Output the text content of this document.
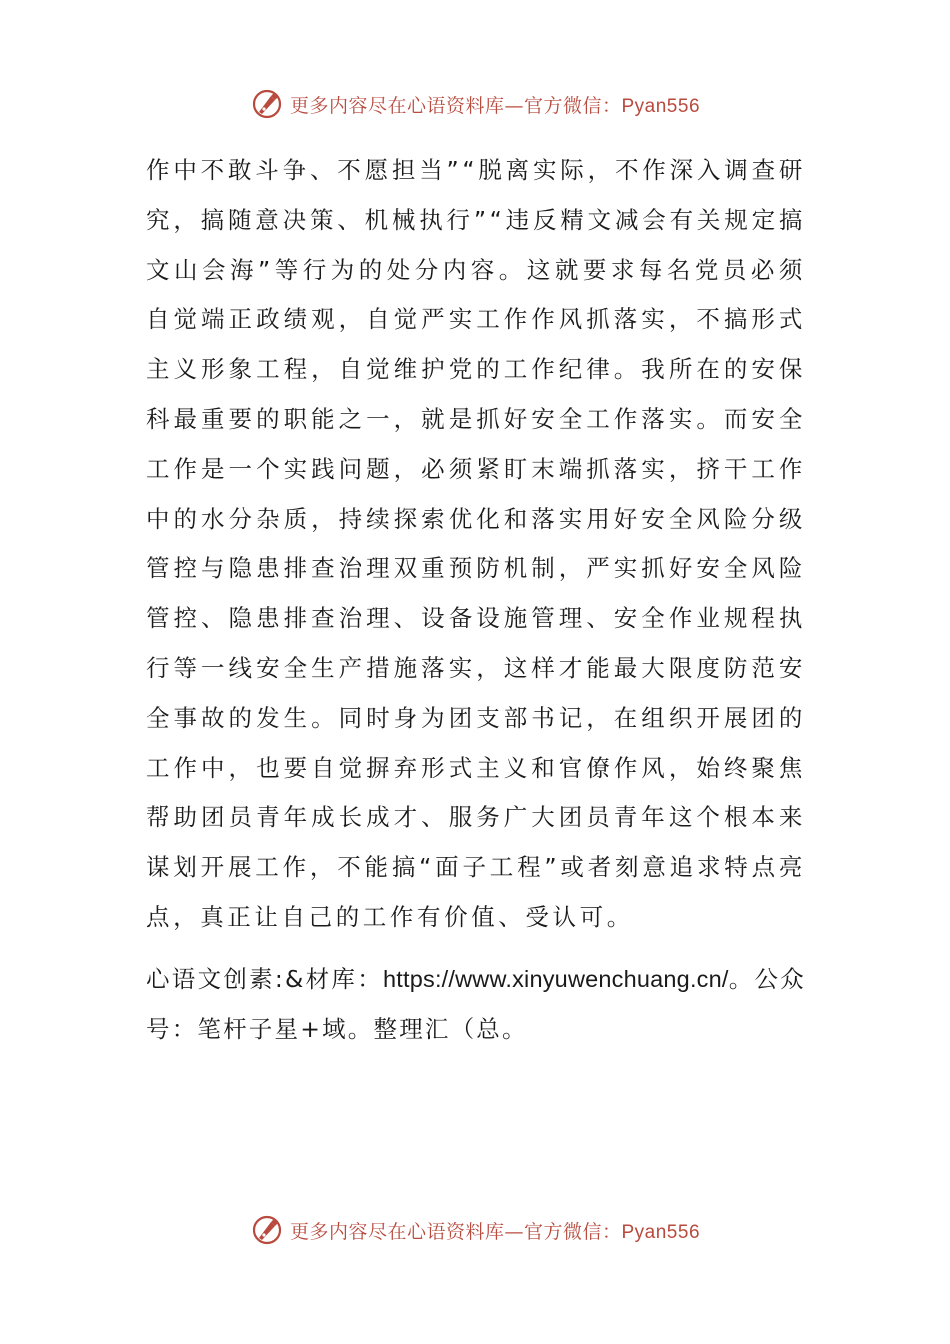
更多内容尽在心语资料库—官方微信：Pyan556

作中不敢斗争、不愿担当”“脱离实际，不作深入调查研究，搞随意决策、机械执行”“违反精文减会有关规定搞文山会海”等行为的处分内容。这就要求每名党员必须自觉端正政绩观，自觉严实工作作风抓落实，不搞形式主义形象工程，自觉维护党的工作纪律。我所在的安保科最重要的职能之一，就是抓好安全工作落实。而安全工作是一个实践问题，必须紧盯末端抓落实，挤干工作中的水分杂质，持续探索优化和落实用好安全风险分级管控与隐患排查治理双重预防机制，严实抓好安全风险管控、隐患排查治理、设备设施管理、安全作业规程执行等一线安全生产措施落实，这样才能最大限度防范安全事故的发生。同时身为团支部书记，在组织开展团的工作中，也要自觉摒弃形式主义和官僚作风，始终聚焦帮助团员青年成长成才、服务广大团员青年这个根本来谋划开展工作，不能搞“面子工程”或者刻意追求特点亮点，真正让自己的工作有价值、受认可。

心语文创素:&材库：https://www.xinyuwenchuang.cn/。公众号：笔杆子星+域。整理汇（总。

更多内容尽在心语资料库—官方微信：Pyan556
